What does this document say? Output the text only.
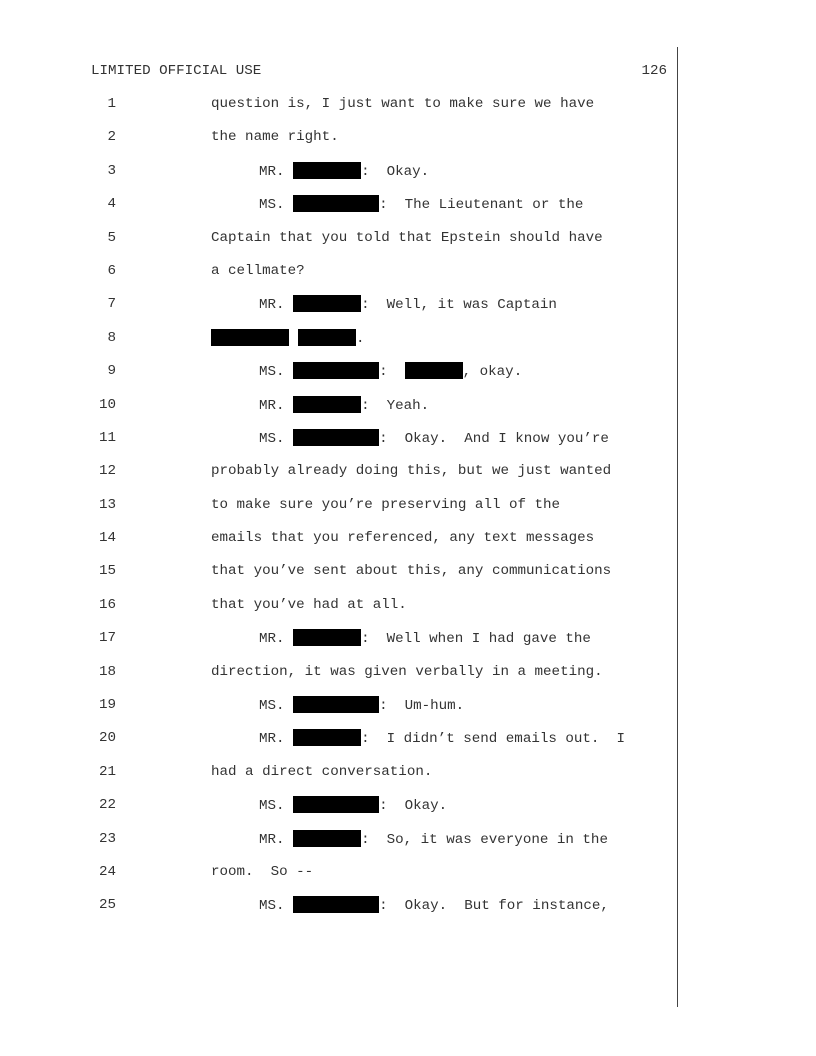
LIMITED OFFICIAL USE	126
1	question is, I just want to make sure we have
2	the name right.
3	MR.	:  Okay.
4	MS.	:  The Lieutenant or the
5	Captain that you told that Epstein should have
6	a cellmate?
7	MR.	:  Well, it was Captain
8	.
9	MS.	:	, okay.
10	MR.	:  Yeah.
11	MS.	:  Okay.  And I know you’re
12	probably already doing this, but we just wanted
13	to make sure you’re preserving all of the
14	emails that you referenced, any text messages
15	that you’ve sent about this, any communications
16	that you’ve had at all.
17	MR.	:  Well when I had gave the
18	direction, it was given verbally in a meeting.
19	MS.	:  Um-hum.
20	MR.	:  I didn’t send emails out.  I
21	had a direct conversation.
22	MS.	:  Okay.
23	MR.	:  So, it was everyone in the
24	room.  So --
25	MS.	:  Okay.  But for instance,
